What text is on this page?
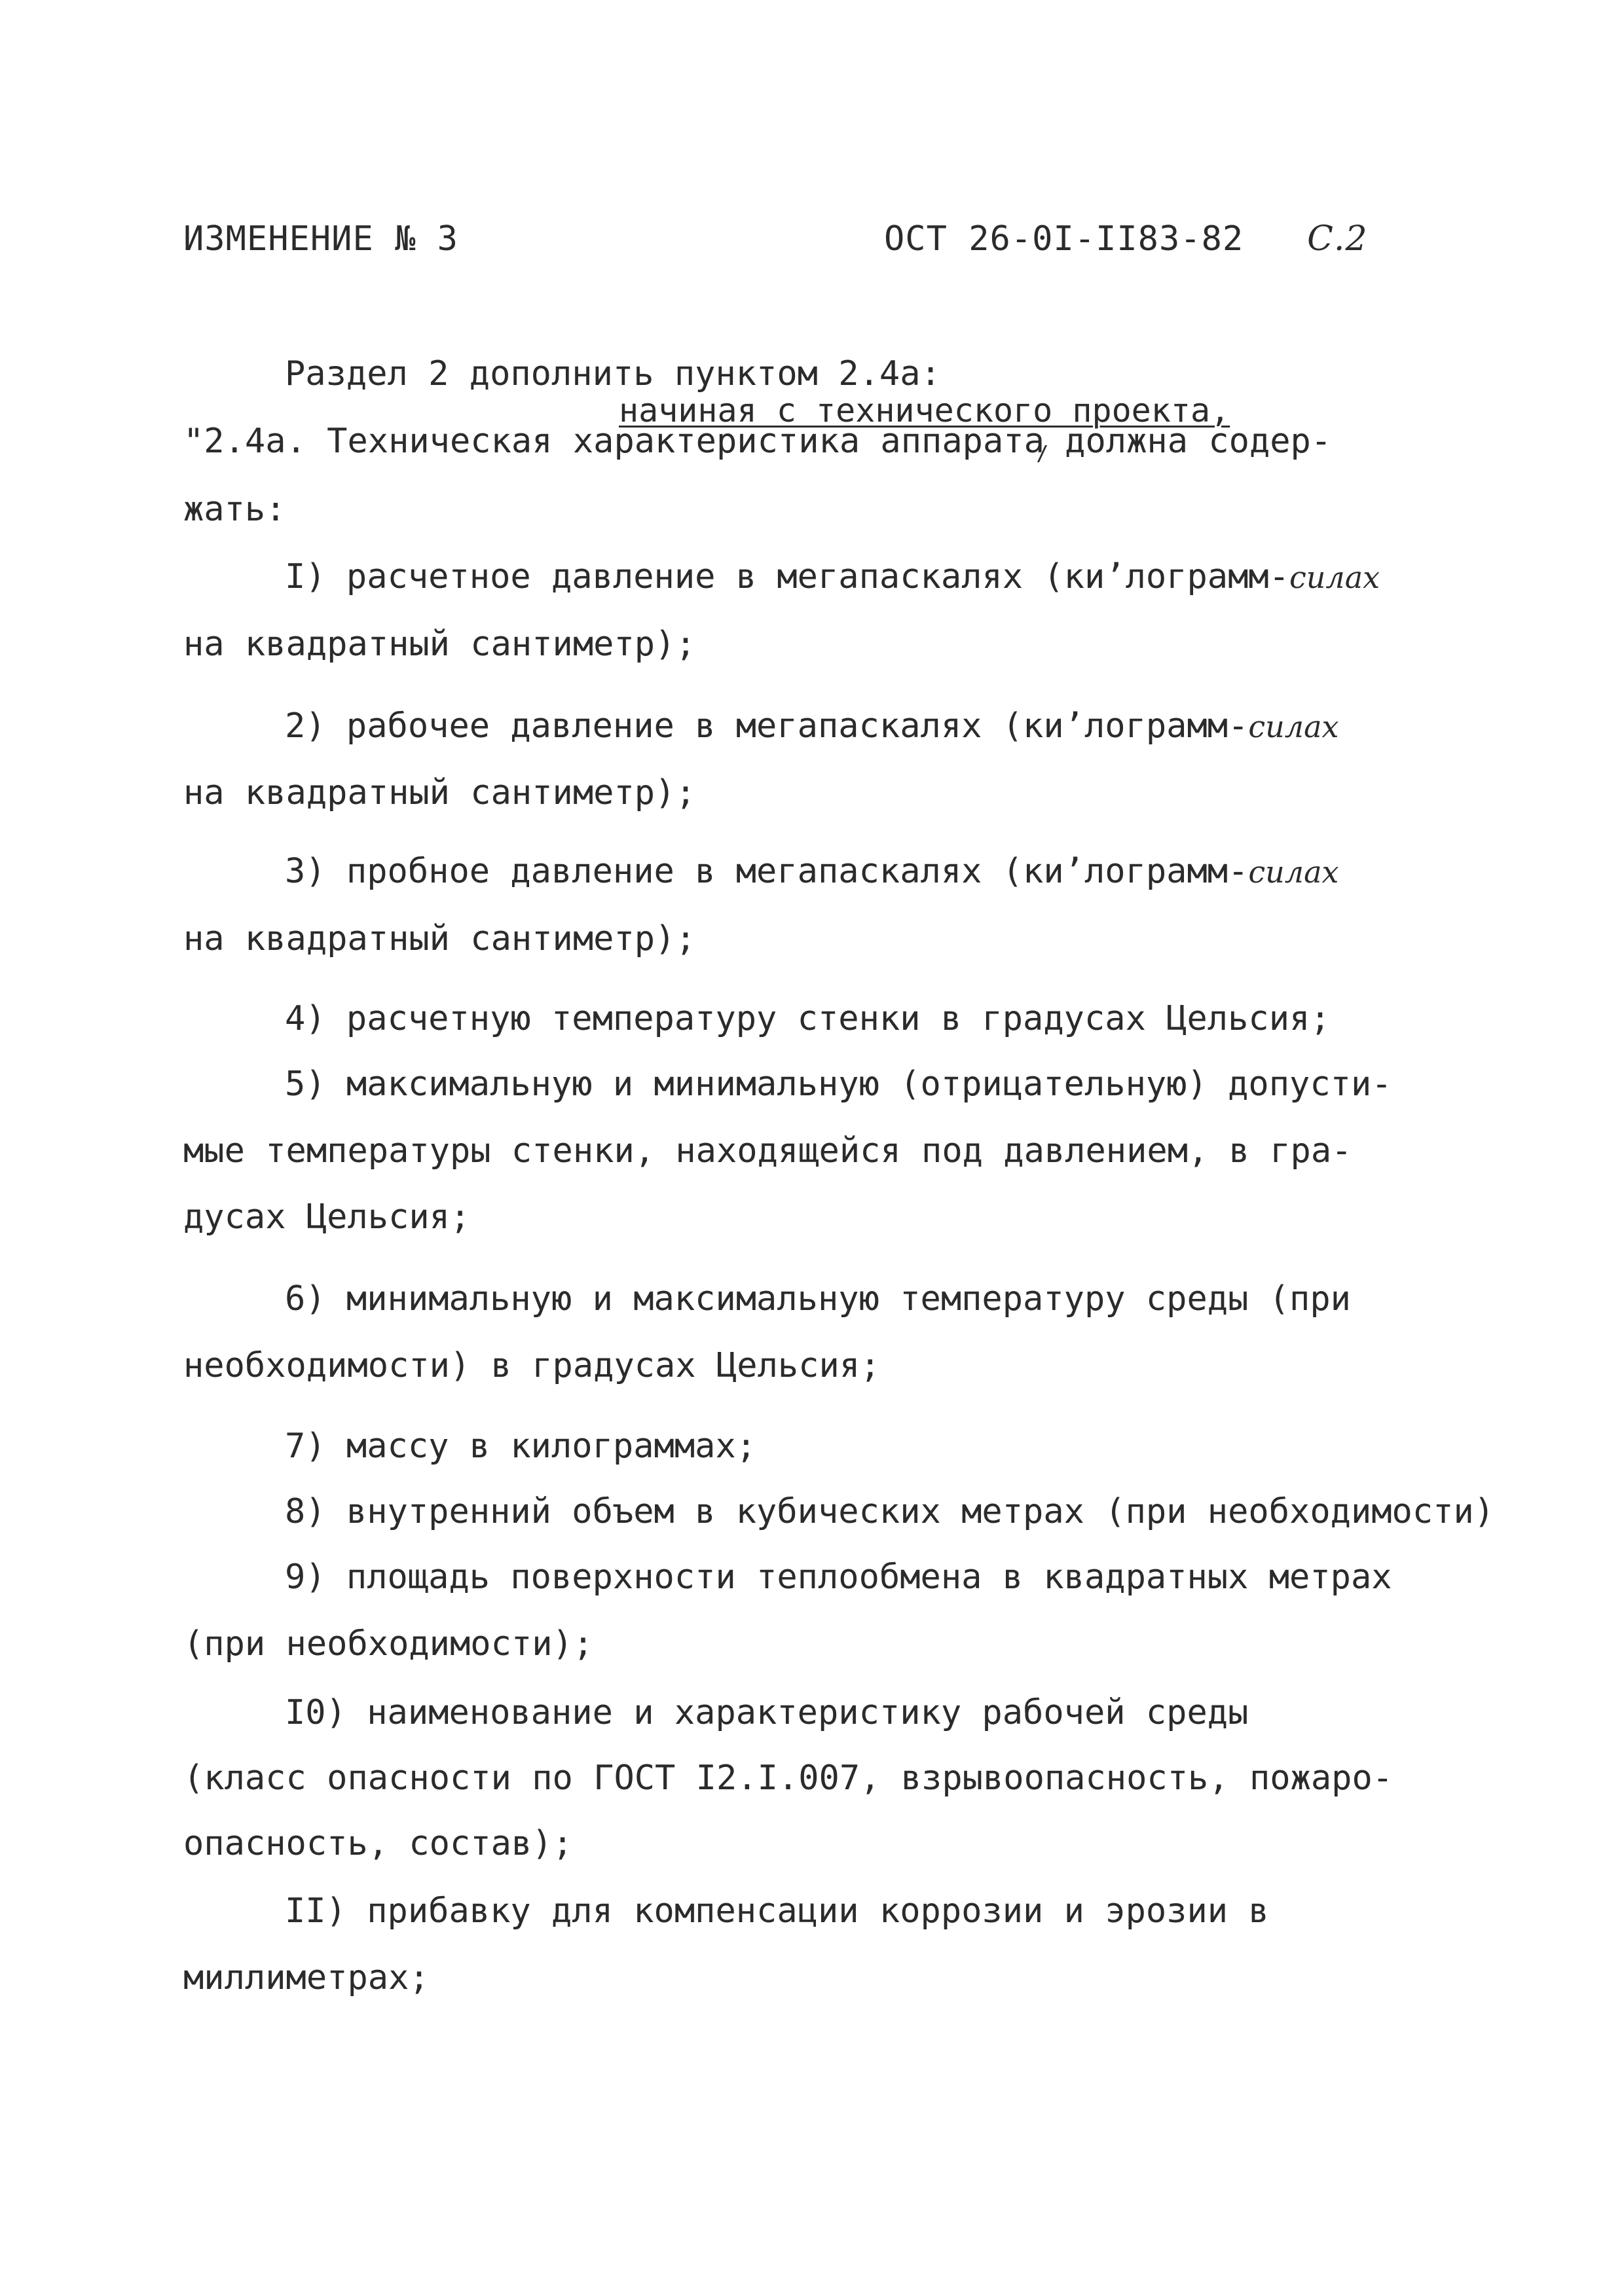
ИЗМЕНЕНИЕ № 3	ОСТ 26-0I-II83-82 С.2
Раздел 2 дополнить пунктом 2.4а:
начиная с технического проекта,
"2.4а. Техническая характеристика аппарата должна содер-
жать:
I) расчетное давление в мегапаскалях (ки’лограмм-силах
на квадратный сантиметр);
2) рабочее давление в мегапаскалях (ки’лограмм-силах
на квадратный сантиметр);
3) пробное давление в мегапаскалях (ки’лограмм-силах
на квадратный сантиметр);
4) расчетную температуру стенки в градусах Цельсия;
5) максимальную и минимальную (отрицательную) допусти-
мые температуры стенки, находящейся под давлением, в гра-
дусах Цельсия;
6) минимальную и максимальную температуру среды (при
необходимости) в градусах Цельсия;
7) массу в килограммах;
8) внутренний объем в кубических метрах (при необходимости)
9) площадь поверхности теплообмена в квадратных метрах
(при необходимости);
I0) наименование и характеристику рабочей среды
(класс опасности по ГОСТ I2.I.007, взрывоопасность, пожаро-
опасность, состав);
II) прибавку для компенсации коррозии и эрозии в
миллиметрах;
